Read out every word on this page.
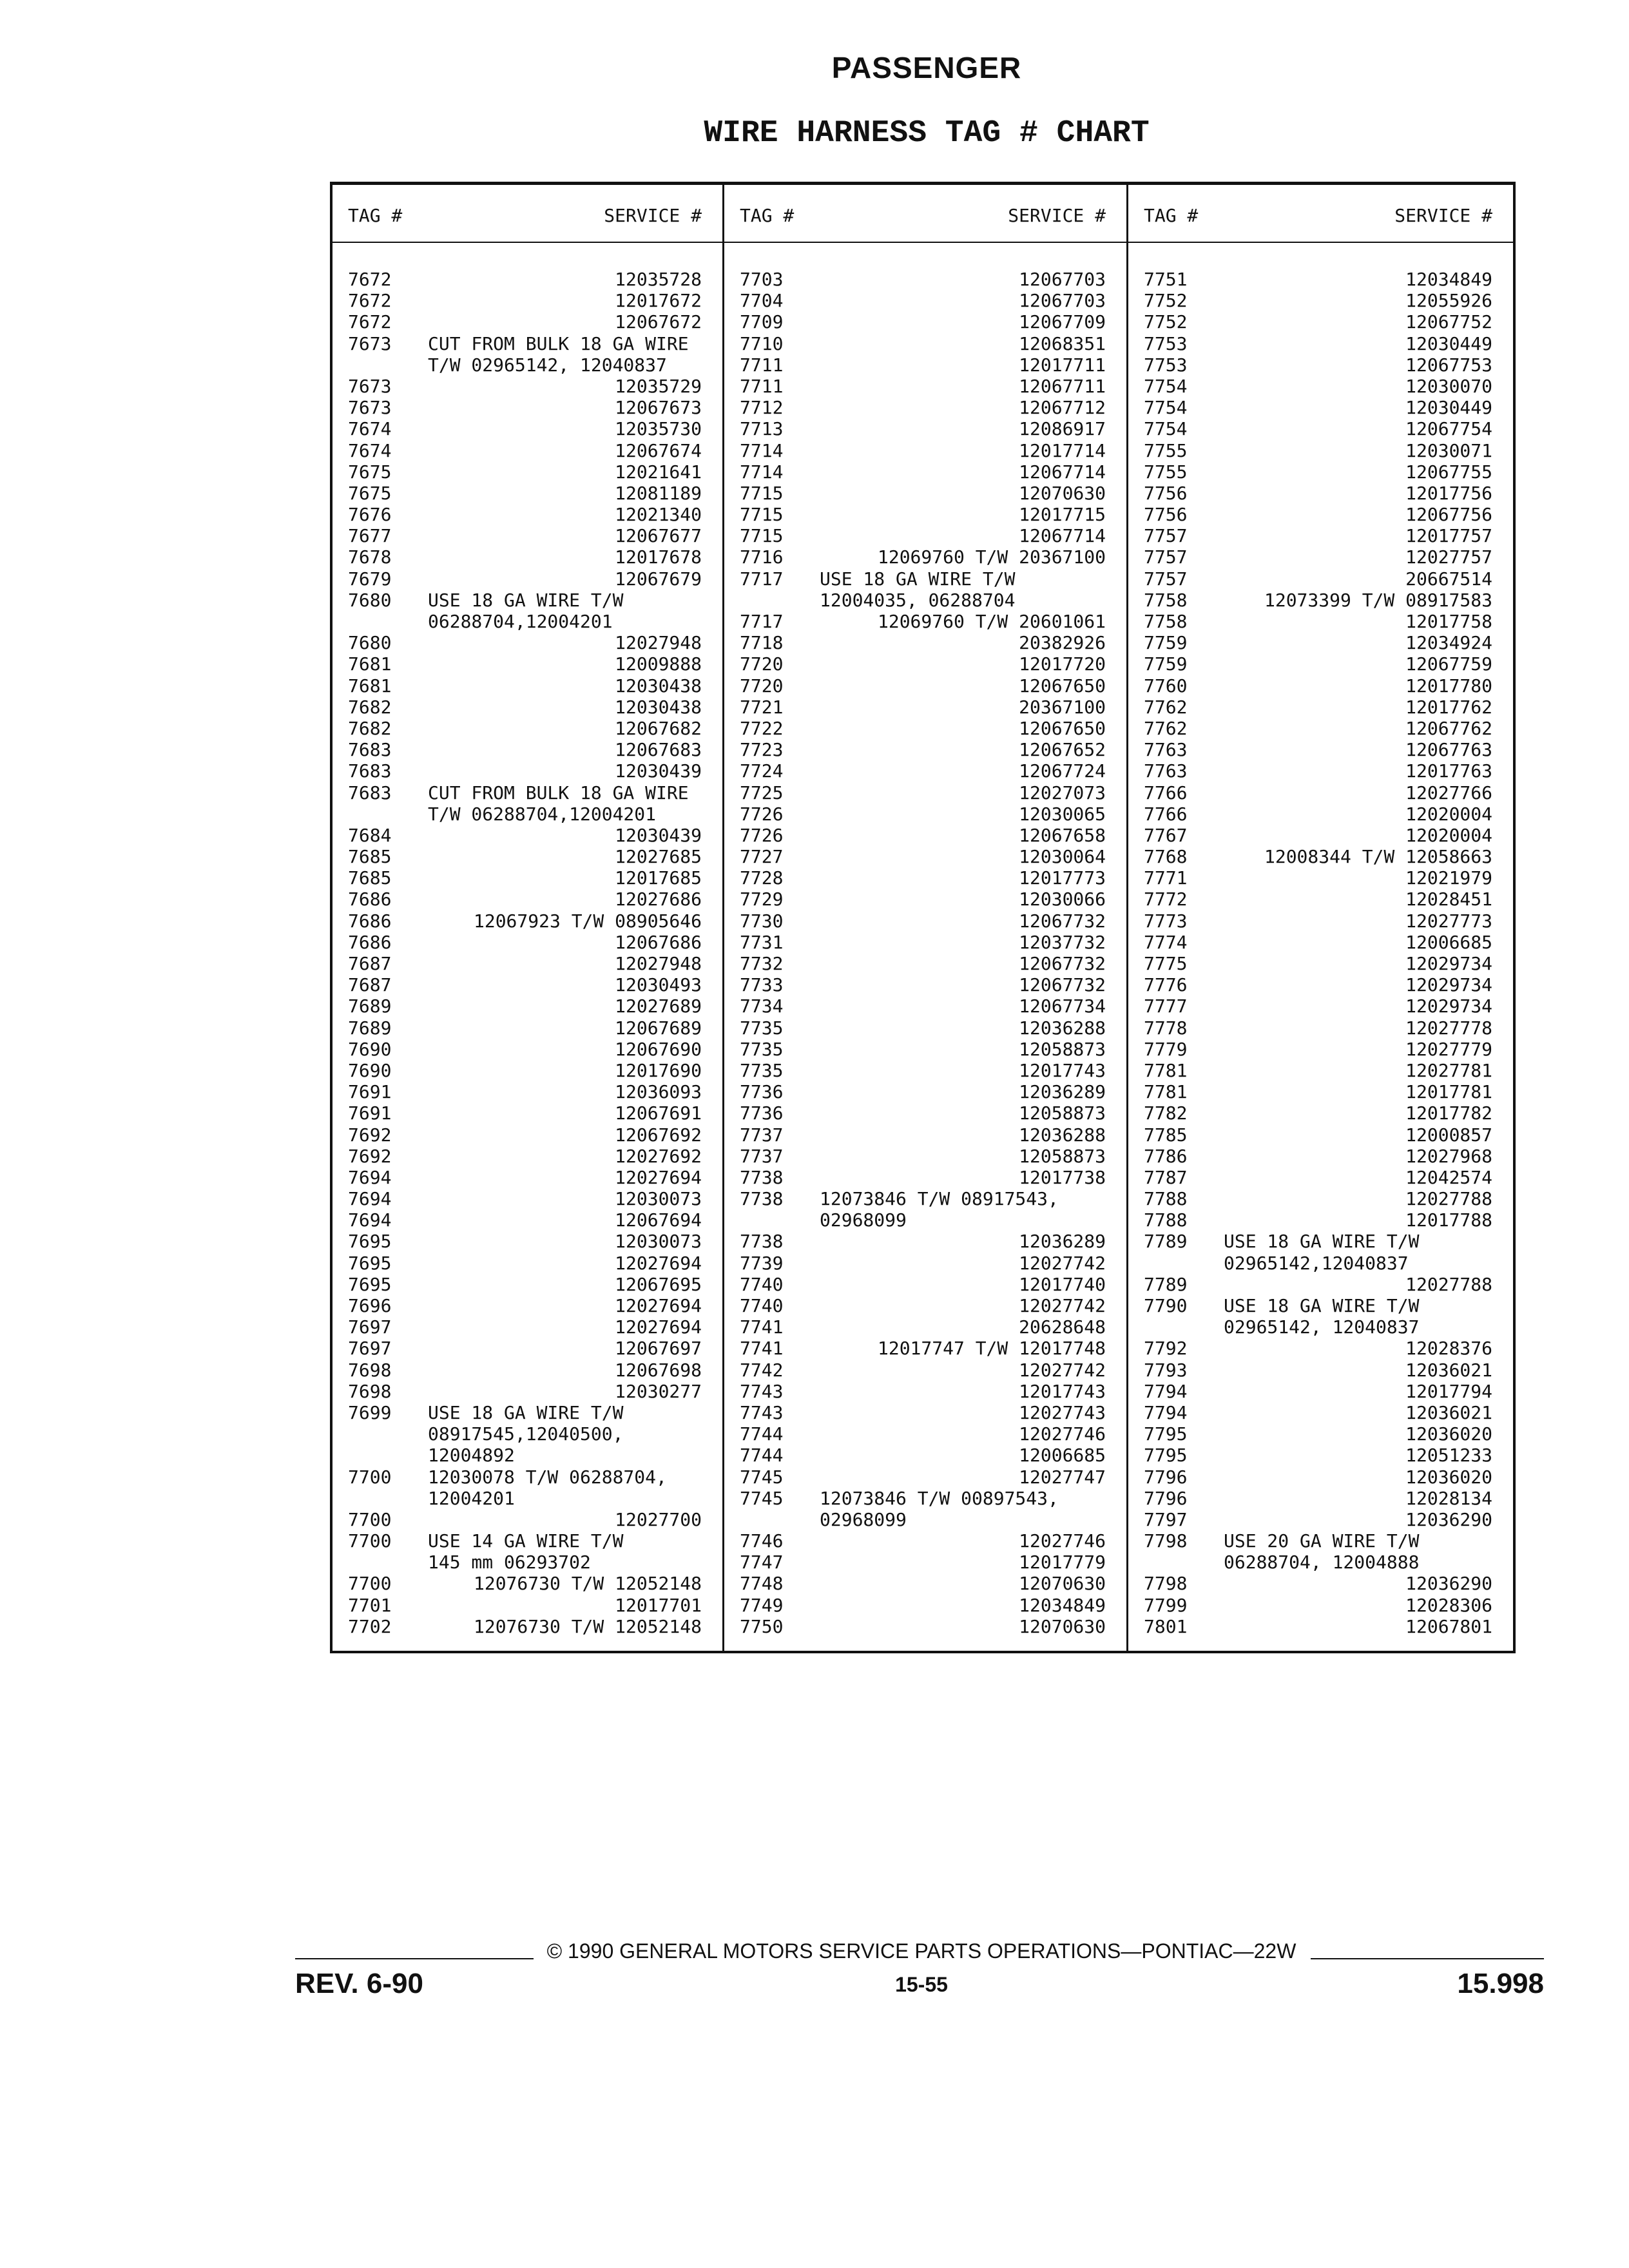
PASSENGER
WIRE HARNESS TAG # CHART
TAG #	SERVICE #
7672	12035728
7672	12017672
7672	12067672
7673 CUT FROM BULK 18 GA WIRE
T/W 02965142, 12040837
7673	12035729
7673	12067673
7674	12035730
7674	12067674
7675	12021641
7675	12081189
7676	12021340
7677	12067677
7678	12017678
7679	12067679
7680 USE 18 GA WIRE T/W
06288704,12004201
7680	12027948
7681	12009888
7681	12030438
7682	12030438
7682	12067682
7683	12067683
7683	12030439
7683 CUT FROM BULK 18 GA WIRE
T/W 06288704,12004201
7684	12030439
7685	12027685
7685	12017685
7686	12027686
7686	12067923 T/W 08905646
7686	12067686
7687	12027948
7687	12030493
7689	12027689
7689	12067689
7690	12067690
7690	12017690
7691	12036093
7691	12067691
7692	12067692
7692	12027692
7694	12027694
7694	12030073
7694	12067694
7695	12030073
7695	12027694
7695	12067695
7696	12027694
7697	12027694
7697	12067697
7698	12067698
7698	12030277
7699 USE 18 GA WIRE T/W
08917545,12040500,
12004892
7700 12030078 T/W 06288704,
12004201
7700	12027700
7700 USE 14 GA WIRE T/W
145 mm 06293702
7700	12076730 T/W 12052148
7701	12017701
7702	12076730 T/W 12052148
TAG #	SERVICE #
7703	12067703
7704	12067703
7709	12067709
7710	12068351
7711	12017711
7711	12067711
7712	12067712
7713	12086917
7714	12017714
7714	12067714
7715	12070630
7715	12017715
7715	12067714
7716	12069760 T/W 20367100
7717 USE 18 GA WIRE T/W
12004035, 06288704
7717	12069760 T/W 20601061
7718	20382926
7720	12017720
7720	12067650
7721	20367100
7722	12067650
7723	12067652
7724	12067724
7725	12027073
7726	12030065
7726	12067658
7727	12030064
7728	12017773
7729	12030066
7730	12067732
7731	12037732
7732	12067732
7733	12067732
7734	12067734
7735	12036288
7735	12058873
7735	12017743
7736	12036289
7736	12058873
7737	12036288
7737	12058873
7738	12017738
7738 12073846 T/W 08917543,
02968099
7738	12036289
7739	12027742
7740	12017740
7740	12027742
7741	20628648
7741	12017747 T/W 12017748
7742	12027742
7743	12017743
7743	12027743
7744	12027746
7744	12006685
7745	12027747
7745 12073846 T/W 00897543,
02968099
7746	12027746
7747	12017779
7748	12070630
7749	12034849
7750	12070630
TAG #	SERVICE #
7751	12034849
7752	12055926
7752	12067752
7753	12030449
7753	12067753
7754	12030070
7754	12030449
7754	12067754
7755	12030071
7755	12067755
7756	12017756
7756	12067756
7757	12017757
7757	12027757
7757	20667514
7758	12073399 T/W 08917583
7758	12017758
7759	12034924
7759	12067759
7760	12017780
7762	12017762
7762	12067762
7763	12067763
7763	12017763
7766	12027766
7766	12020004
7767	12020004
7768	12008344 T/W 12058663
7771	12021979
7772	12028451
7773	12027773
7774	12006685
7775	12029734
7776	12029734
7777	12029734
7778	12027778
7779	12027779
7781	12027781
7781	12017781
7782	12017782
7785	12000857
7786	12027968
7787	12042574
7788	12027788
7788	12017788
7789 USE 18 GA WIRE T/W
02965142,12040837
7789	12027788
7790 USE 18 GA WIRE T/W
02965142, 12040837
7792	12028376
7793	12036021
7794	12017794
7794	12036021
7795	12036020
7795	12051233
7796	12036020
7796	12028134
7797	12036290
7798 USE 20 GA WIRE T/W
06288704, 12004888
7798	12036290
7799	12028306
7801	12067801
© 1990 GENERAL MOTORS SERVICE PARTS OPERATIONS—PONTIAC—22W
REV. 6-90	15-55	15.998
